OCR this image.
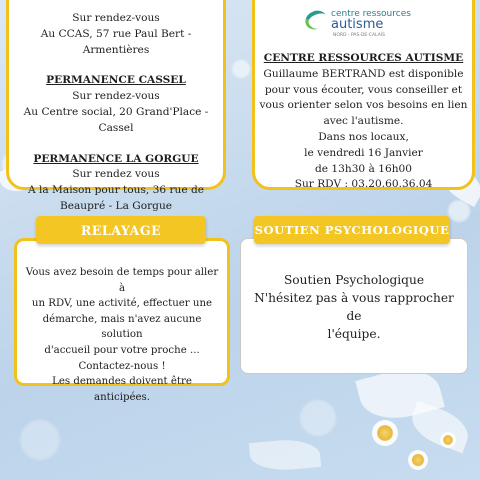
Sur rendez-vous
Au CCAS, 57 rue Paul Bert - Armentières
PERMANENCE CASSEL
Sur rendez-vous
Au Centre social, 20 Grand'Place -
Cassel
PERMANENCE LA GORGUE
Sur rendez vous
A la Maison pour tous, 36 rue de
Beaupré - La Gorgue
centre ressources
autisme
NORD - PAS-DE-CALAIS
CENTRE RESSOURCES AUTISME
Guillaume BERTRAND est disponible
pour vous écouter, vous conseiller et
vous orienter selon vos besoins en lien
avec l'autisme.
Dans nos locaux,
le vendredi 16 Janvier
de 13h30 à 16h00
Sur RDV : 03.20.60.36.04
Vous avez besoin de temps pour aller à
un RDV, une activité, effectuer une
démarche, mais n'avez aucune solution
d'accueil pour votre proche ...
Contactez-nous !
Les demandes doivent être anticipées.
RELAYAGE
Soutien Psychologique
N'hésitez pas à vous rapprocher de
l'équipe.
SOUTIEN PSYCHOLOGIQUE
